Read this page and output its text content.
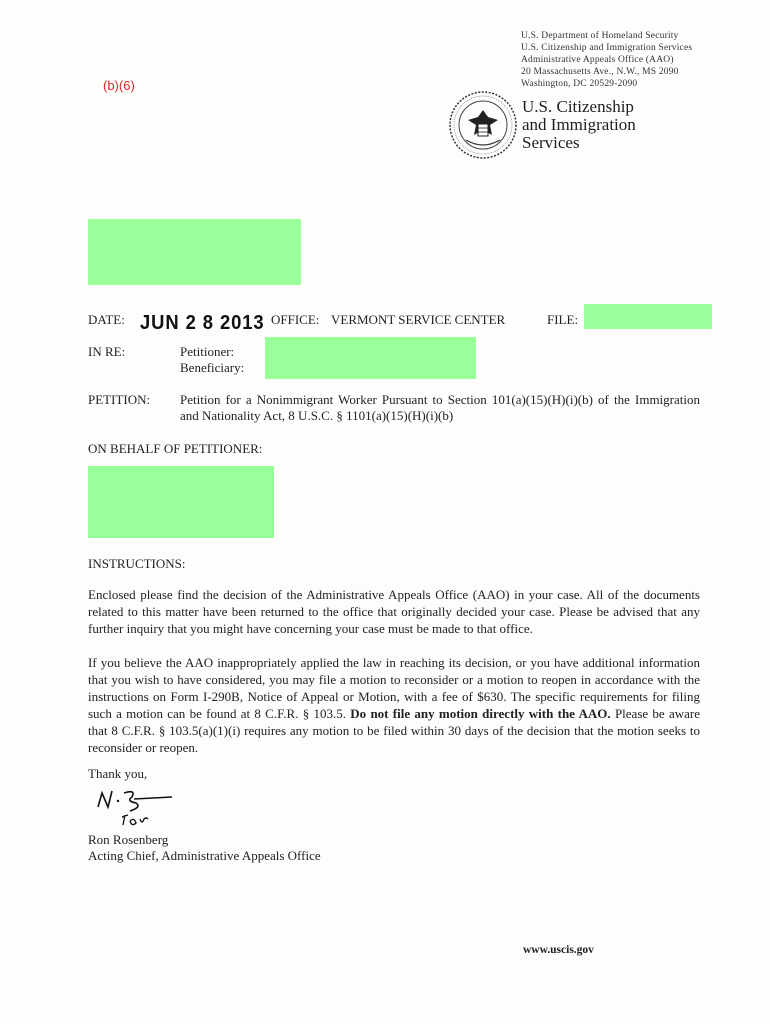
(b)(6)
U.S. Department of Homeland Security
U.S. Citizenship and Immigration Services
Administrative Appeals Office (AAO)
20 Massachusetts Ave., N.W., MS 2090
Washington, DC 20529-2090
U.S. Citizenship
and Immigration
Services
DATE: JUN 2 8 2013 OFFICE: VERMONT SERVICE CENTER	FILE:
IN RE:	Petitioner:
Beneficiary:
PETITION: Petition for a Nonimmigrant Worker Pursuant to Section 101(a)(15)(H)(i)(b) of the Immigration and Nationality Act, 8 U.S.C. § 1101(a)(15)(H)(i)(b)
ON BEHALF OF PETITIONER:
INSTRUCTIONS:
Enclosed please find the decision of the Administrative Appeals Office (AAO) in your case. All of the documents related to this matter have been returned to the office that originally decided your case. Please be advised that any further inquiry that you might have concerning your case must be made to that office.
If you believe the AAO inappropriately applied the law in reaching its decision, or you have additional information that you wish to have considered, you may file a motion to reconsider or a motion to reopen in accordance with the instructions on Form I-290B, Notice of Appeal or Motion, with a fee of $630. The specific requirements for filing such a motion can be found at 8 C.F.R. § 103.5. Do not file any motion directly with the AAO. Please be aware that 8 C.F.R. § 103.5(a)(1)(i) requires any motion to be filed within 30 days of the decision that the motion seeks to reconsider or reopen.
Thank you,
Ron Rosenberg
Acting Chief, Administrative Appeals Office
www.uscis.gov
